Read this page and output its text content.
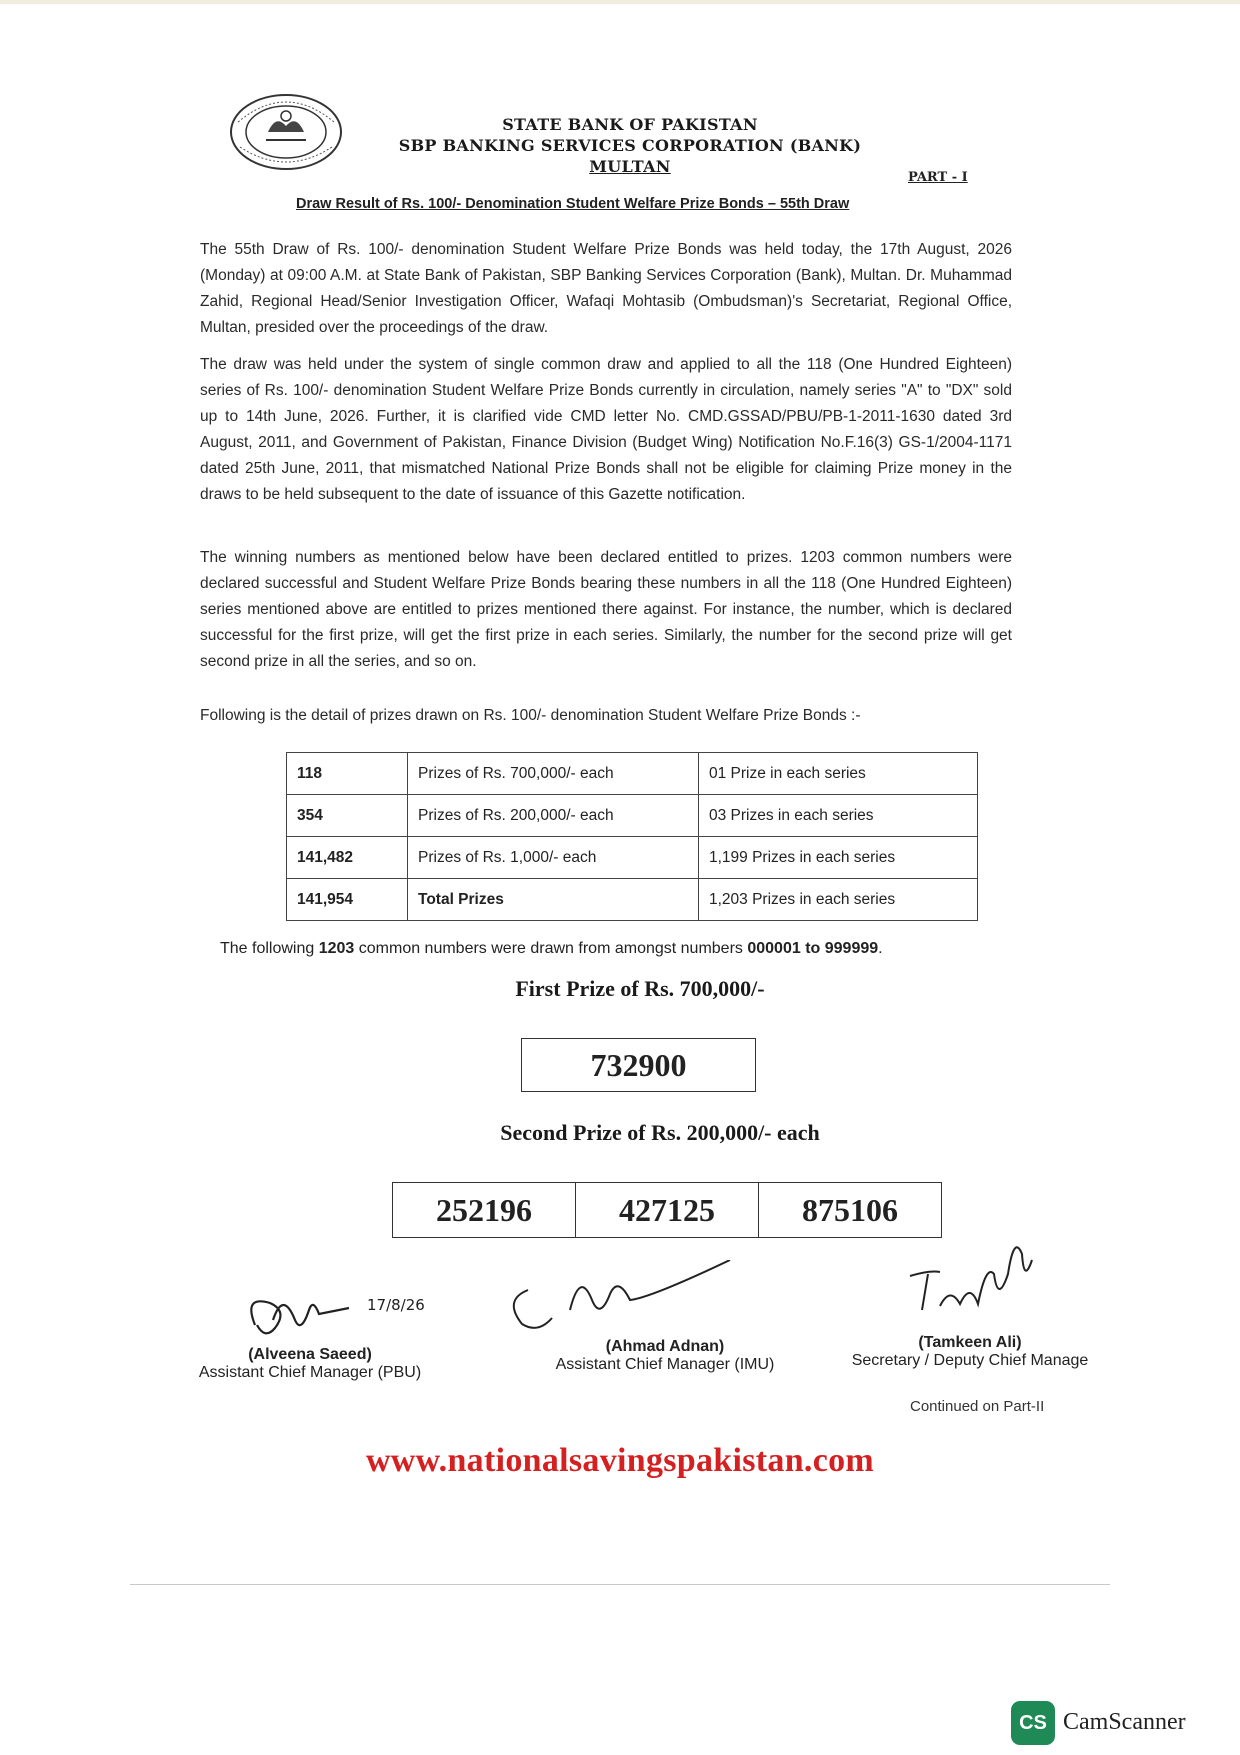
STATE BANK OF PAKISTAN
SBP BANKING SERVICES CORPORATION (BANK)
MULTAN
PART - I
Draw Result of Rs. 100/- Denomination Student Welfare Prize Bonds – 55th Draw

The 55th Draw of Rs. 100/- denomination Student Welfare Prize Bonds was held today, the 17th August, 2026 (Monday) at 09:00 A.M. at State Bank of Pakistan, SBP Banking Services Corporation (Bank), Multan. Dr. Muhammad Zahid, Regional Head/Senior Investigation Officer, Wafaqi Mohtasib (Ombudsman)'s Secretariat, Regional Office, Multan, presided over the proceedings of the draw.

The draw was held under the system of single common draw and applied to all the 118 (One Hundred Eighteen) series of Rs. 100/- denomination Student Welfare Prize Bonds currently in circulation, namely series "A" to "DX" sold up to 14th June, 2026. Further, it is clarified vide CMD letter No. CMD.GSSAD/PBU/PB-1-2011-1630 dated 3rd August, 2011, and Government of Pakistan, Finance Division (Budget Wing) Notification No.F.16(3) GS-1/2004-1171 dated 25th June, 2011, that mismatched National Prize Bonds shall not be eligible for claiming Prize money in the draws to be held subsequent to the date of issuance of this Gazette notification.

The winning numbers as mentioned below have been declared entitled to prizes. 1203 common numbers were declared successful and Student Welfare Prize Bonds bearing these numbers in all the 118 (One Hundred Eighteen) series mentioned above are entitled to prizes mentioned there against. For instance, the number, which is declared successful for the first prize, will get the first prize in each series. Similarly, the number for the second prize will get second prize in all the series, and so on.

Following is the detail of prizes drawn on Rs. 100/- denomination Student Welfare Prize Bonds :-

118	Prizes of Rs. 700,000/- each	01 Prize in each series
354	Prizes of Rs. 200,000/- each	03 Prizes in each series
141,482	Prizes of Rs. 1,000/- each	1,199 Prizes in each series
141,954	Total Prizes	1,203 Prizes in each series
The following 1203 common numbers were drawn from amongst numbers 000001 to 999999.
First Prize of Rs. 700,000/-
732900
Second Prize of Rs. 200,000/- each
252196	427125	875106
17/8/26
(Alveena Saeed)
Assistant Chief Manager (PBU)
(Ahmad Adnan)
Assistant Chief Manager (IMU)
(Tamkeen Ali)
Secretary / Deputy Chief Manage
Continued on Part-II
www.nationalsavingspakistan.com
CS CamScanner
